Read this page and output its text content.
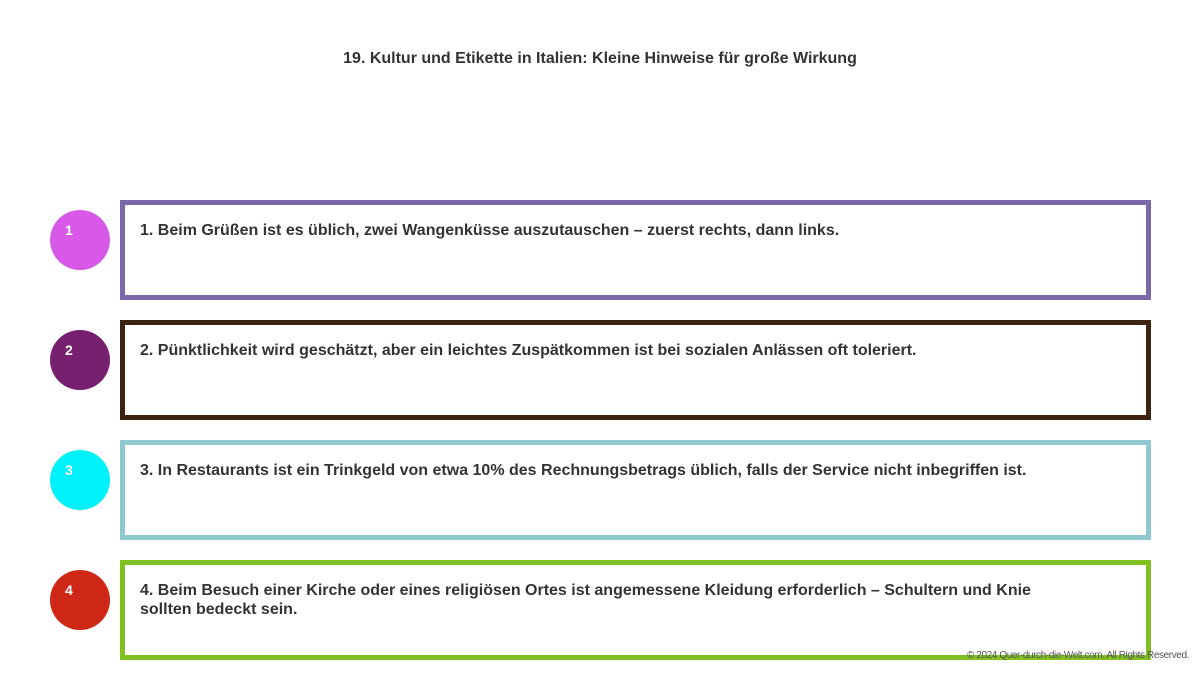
19. Kultur und Etikette in Italien: Kleine Hinweise für große Wirkung
1	1. Beim Grüßen ist es üblich, zwei Wangenküsse auszutauschen – zuerst rechts, dann links.
2	2. Pünktlichkeit wird geschätzt, aber ein leichtes Zuspätkommen ist bei sozialen Anlässen oft toleriert.
3	3. In Restaurants ist ein Trinkgeld von etwa 10% des Rechnungsbetrags üblich, falls der Service nicht inbegriffen ist.
4	4. Beim Besuch einer Kirche oder eines religiösen Ortes ist angemessene Kleidung erforderlich – Schultern und Knie sollten bedeckt sein.
© 2024 Quer-durch-die-Welt.com. All Rights Reserved.
